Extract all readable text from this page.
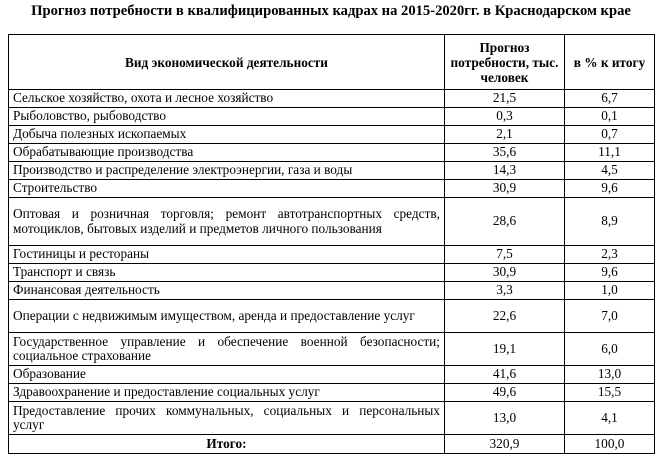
Прогноз потребности в квалифицированных кадрах на 2015-2020гг. в Краснодарском крае
Вид экономической деятельности	Прогноз потребности, тыс. человек	в % к итогу
Сельское хозяйство, охота и лесное хозяйство	21,5	6,7
Рыболовство, рыбоводство	0,3	0,1
Добыча полезных ископаемых	2,1	0,7
Обрабатывающие производства	35,6	11,1
Производство и распределение электроэнергии, газа и воды	14,3	4,5
Строительство	30,9	9,6
Оптовая и розничная торговля; ремонт автотранспортных средств, мотоциклов, бытовых изделий и предметов личного пользования	28,6	8,9
Гостиницы и рестораны	7,5	2,3
Транспорт и связь	30,9	9,6
Финансовая деятельность	3,3	1,0
Операции с недвижимым имуществом, аренда и предоставление услуг	22,6	7,0
Государственное управление и обеспечение военной безопасности; социальное страхование	19,1	6,0
Образование	41,6	13,0
Здравоохранение и предоставление социальных услуг	49,6	15,5
Предоставление прочих коммунальных, социальных и персональных услуг	13,0	4,1
Итого:	320,9	100,0
